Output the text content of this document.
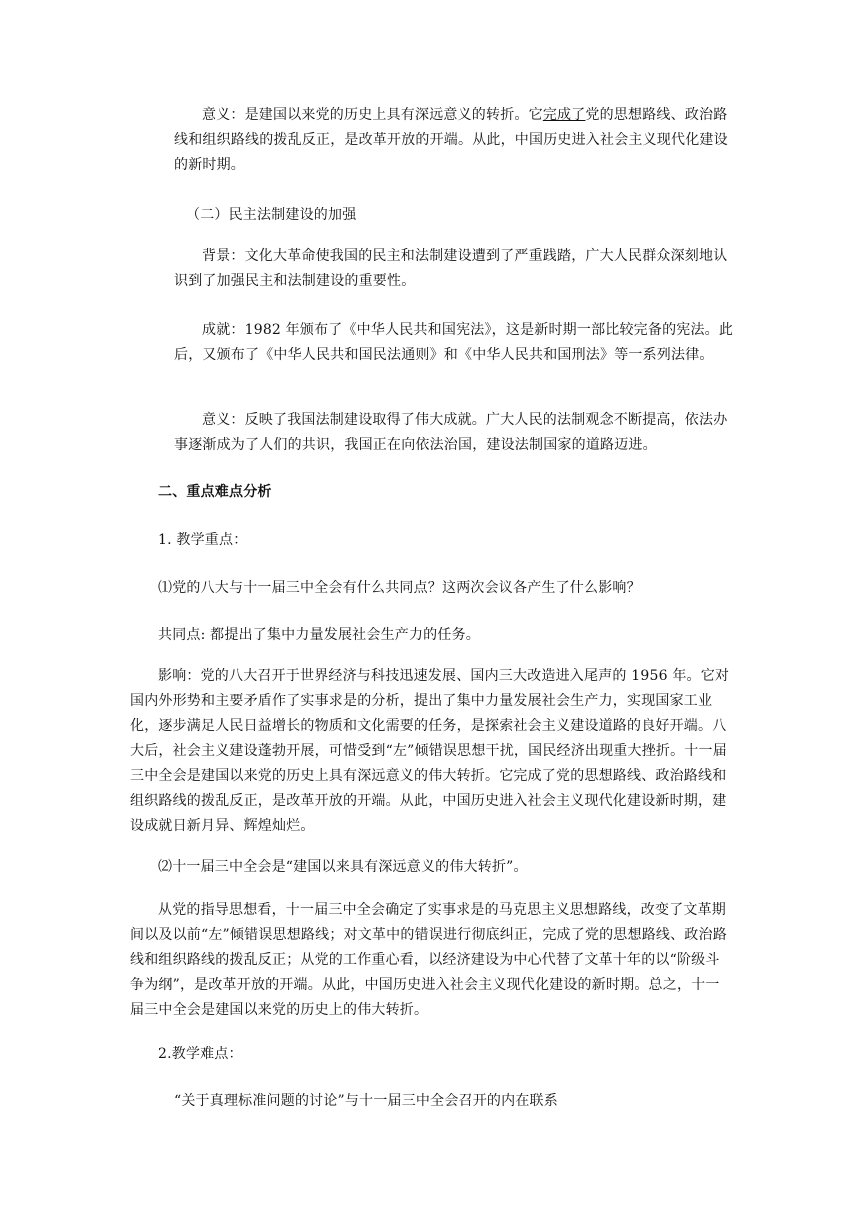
意义：是建国以来党的历史上具有深远意义的转折。它完成了党的思想路线、政治路线和组织路线的拨乱反正，是改革开放的开端。从此，中国历史进入社会主义现代化建设的新时期。

（二）民主法制建设的加强

背景：文化大革命使我国的民主和法制建设遭到了严重践踏，广大人民群众深刻地认识到了加强民主和法制建设的重要性。

成就：1982 年颁布了《中华人民共和国宪法》，这是新时期一部比较完备的宪法。此后，又颁布了《中华人民共和国民法通则》和《中华人民共和国刑法》等一系列法律。

意义：反映了我国法制建设取得了伟大成就。广大人民的法制观念不断提高，依法办事逐渐成为了人们的共识，我国正在向依法治国，建设法制国家的道路迈进。

二、重点难点分析

1. 教学重点：

⑴党的八大与十一届三中全会有什么共同点？这两次会议各产生了什么影响？

共同点: 都提出了集中力量发展社会生产力的任务。

影响：党的八大召开于世界经济与科技迅速发展、国内三大改造进入尾声的 1956 年。它对国内外形势和主要矛盾作了实事求是的分析，提出了集中力量发展社会生产力，实现国家工业化，逐步满足人民日益增长的物质和文化需要的任务，是探索社会主义建设道路的良好开端。八大后，社会主义建设蓬勃开展，可惜受到“左”倾错误思想干扰，国民经济出现重大挫折。十一届三中全会是建国以来党的历史上具有深远意义的伟大转折。它完成了党的思想路线、政治路线和组织路线的拨乱反正，是改革开放的开端。从此，中国历史进入社会主义现代化建设新时期，建设成就日新月异、辉煌灿烂。

⑵十一届三中全会是“建国以来具有深远意义的伟大转折”。

从党的指导思想看，十一届三中全会确定了实事求是的马克思主义思想路线，改变了文革期间以及以前“左”倾错误思想路线；对文革中的错误进行彻底纠正，完成了党的思想路线、政治路线和组织路线的拨乱反正；从党的工作重心看，以经济建设为中心代替了文革十年的以“阶级斗争为纲”，是改革开放的开端。从此，中国历史进入社会主义现代化建设的新时期。总之，十一届三中全会是建国以来党的历史上的伟大转折。

2.教学难点：

“关于真理标准问题的讨论”与十一届三中全会召开的内在联系
